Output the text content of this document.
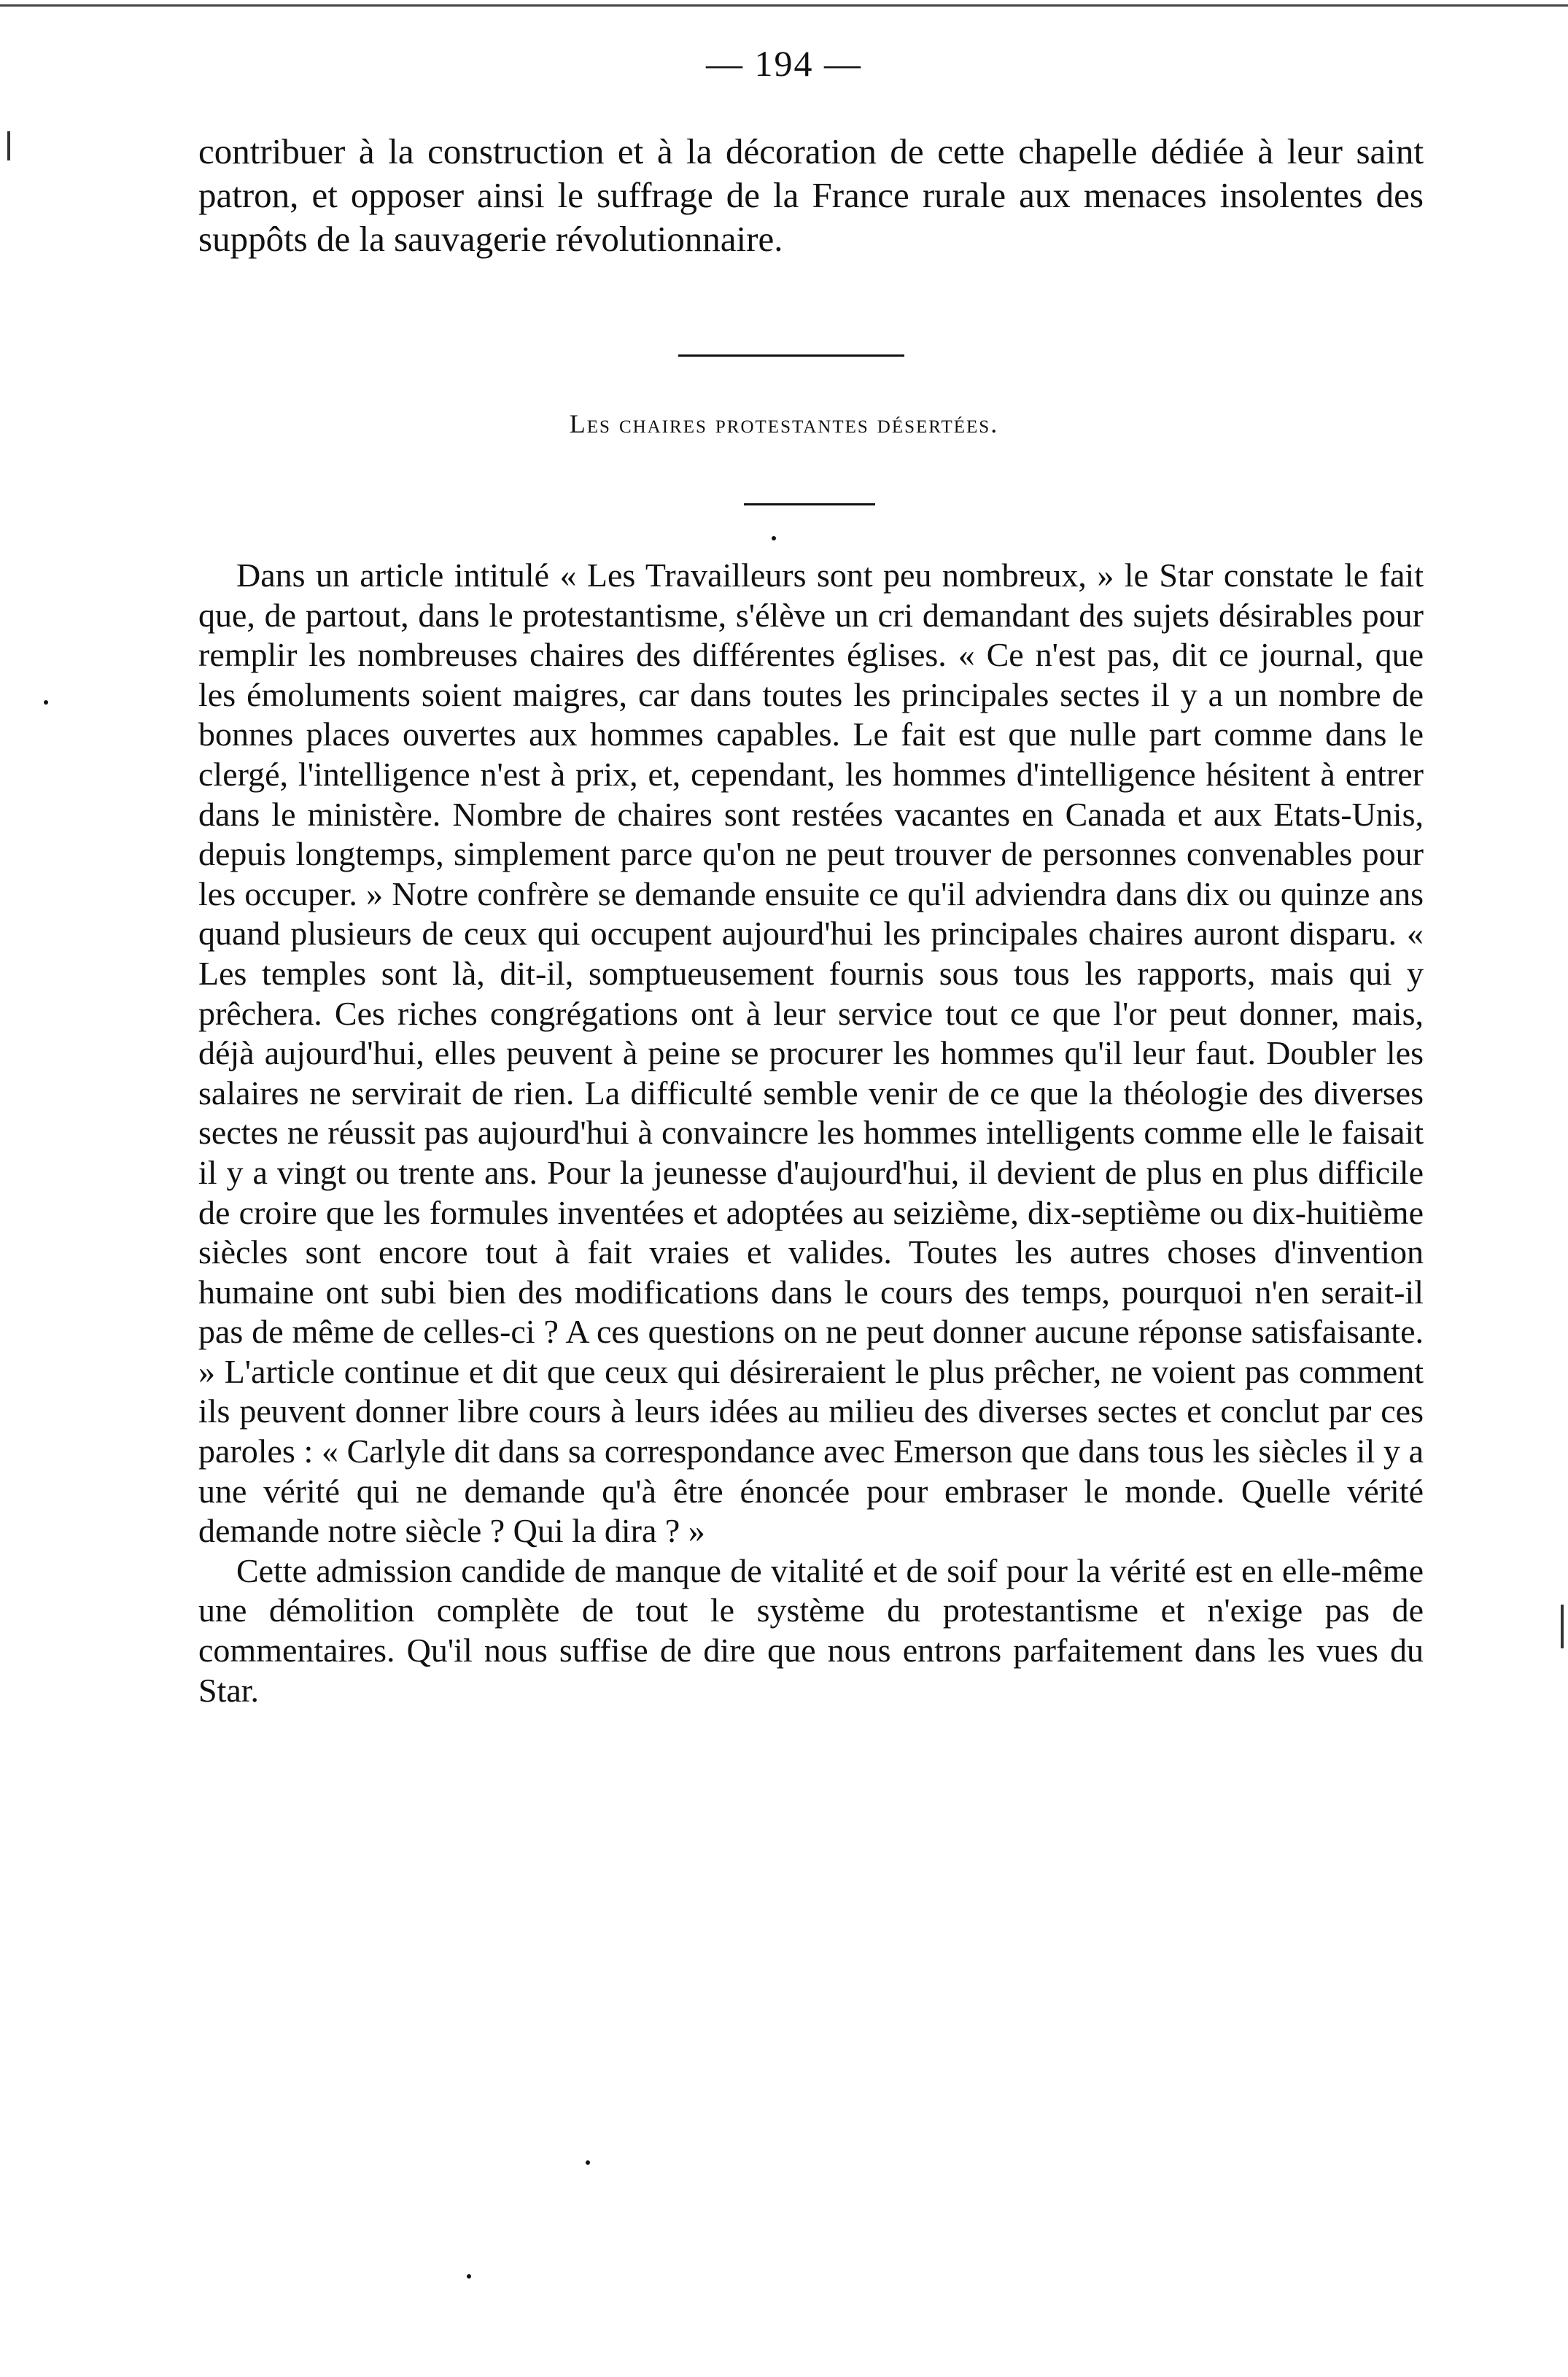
— 194 —

contribuer à la construction et à la décoration de cette chapelle dédiée à leur saint patron, et opposer ainsi le suffrage de la France rurale aux menaces insolentes des suppôts de la sauvagerie révolutionnaire.

Les chaires protestantes désertées.

Dans un article intitulé « Les Travailleurs sont peu nombreux, » le Star constate le fait que, de partout, dans le protestantisme, s'élève un cri demandant des sujets désirables pour remplir les nombreuses chaires des différentes églises. « Ce n'est pas, dit ce journal, que les émoluments soient maigres, car dans toutes les principales sectes il y a un nombre de bonnes places ouvertes aux hommes capables. Le fait est que nulle part comme dans le clergé, l'intelligence n'est à prix, et, cependant, les hommes d'intelligence hésitent à entrer dans le ministère. Nombre de chaires sont restées vacantes en Canada et aux Etats-Unis, depuis longtemps, simplement parce qu'on ne peut trouver de personnes convenables pour les occuper. » Notre confrère se demande ensuite ce qu'il adviendra dans dix ou quinze ans quand plusieurs de ceux qui occupent aujourd'hui les principales chaires auront disparu. « Les temples sont là, dit-il, somptueusement fournis sous tous les rapports, mais qui y prêchera. Ces riches congrégations ont à leur service tout ce que l'or peut donner, mais, déjà aujourd'hui, elles peuvent à peine se procurer les hommes qu'il leur faut. Doubler les salaires ne servirait de rien. La difficulté semble venir de ce que la théologie des diverses sectes ne réussit pas aujourd'hui à convaincre les hommes intelligents comme elle le faisait il y a vingt ou trente ans. Pour la jeunesse d'aujourd'hui, il devient de plus en plus difficile de croire que les formules inventées et adoptées au seizième, dix-septième ou dix-huitième siècles sont encore tout à fait vraies et valides. Toutes les autres choses d'invention humaine ont subi bien des modifications dans le cours des temps, pourquoi n'en serait-il pas de même de celles-ci ? A ces questions on ne peut donner aucune réponse satisfaisante. » L'article continue et dit que ceux qui désireraient le plus prêcher, ne voient pas comment ils peuvent donner libre cours à leurs idées au milieu des diverses sectes et conclut par ces paroles : « Carlyle dit dans sa correspondance avec Emerson que dans tous les siècles il y a une vérité qui ne demande qu'à être énoncée pour embraser le monde. Quelle vérité demande notre siècle ? Qui la dira ? »

Cette admission candide de manque de vitalité et de soif pour la vérité est en elle-même une démolition complète de tout le système du protestantisme et n'exige pas de commentaires. Qu'il nous suffise de dire que nous entrons parfaitement dans les vues du Star.
